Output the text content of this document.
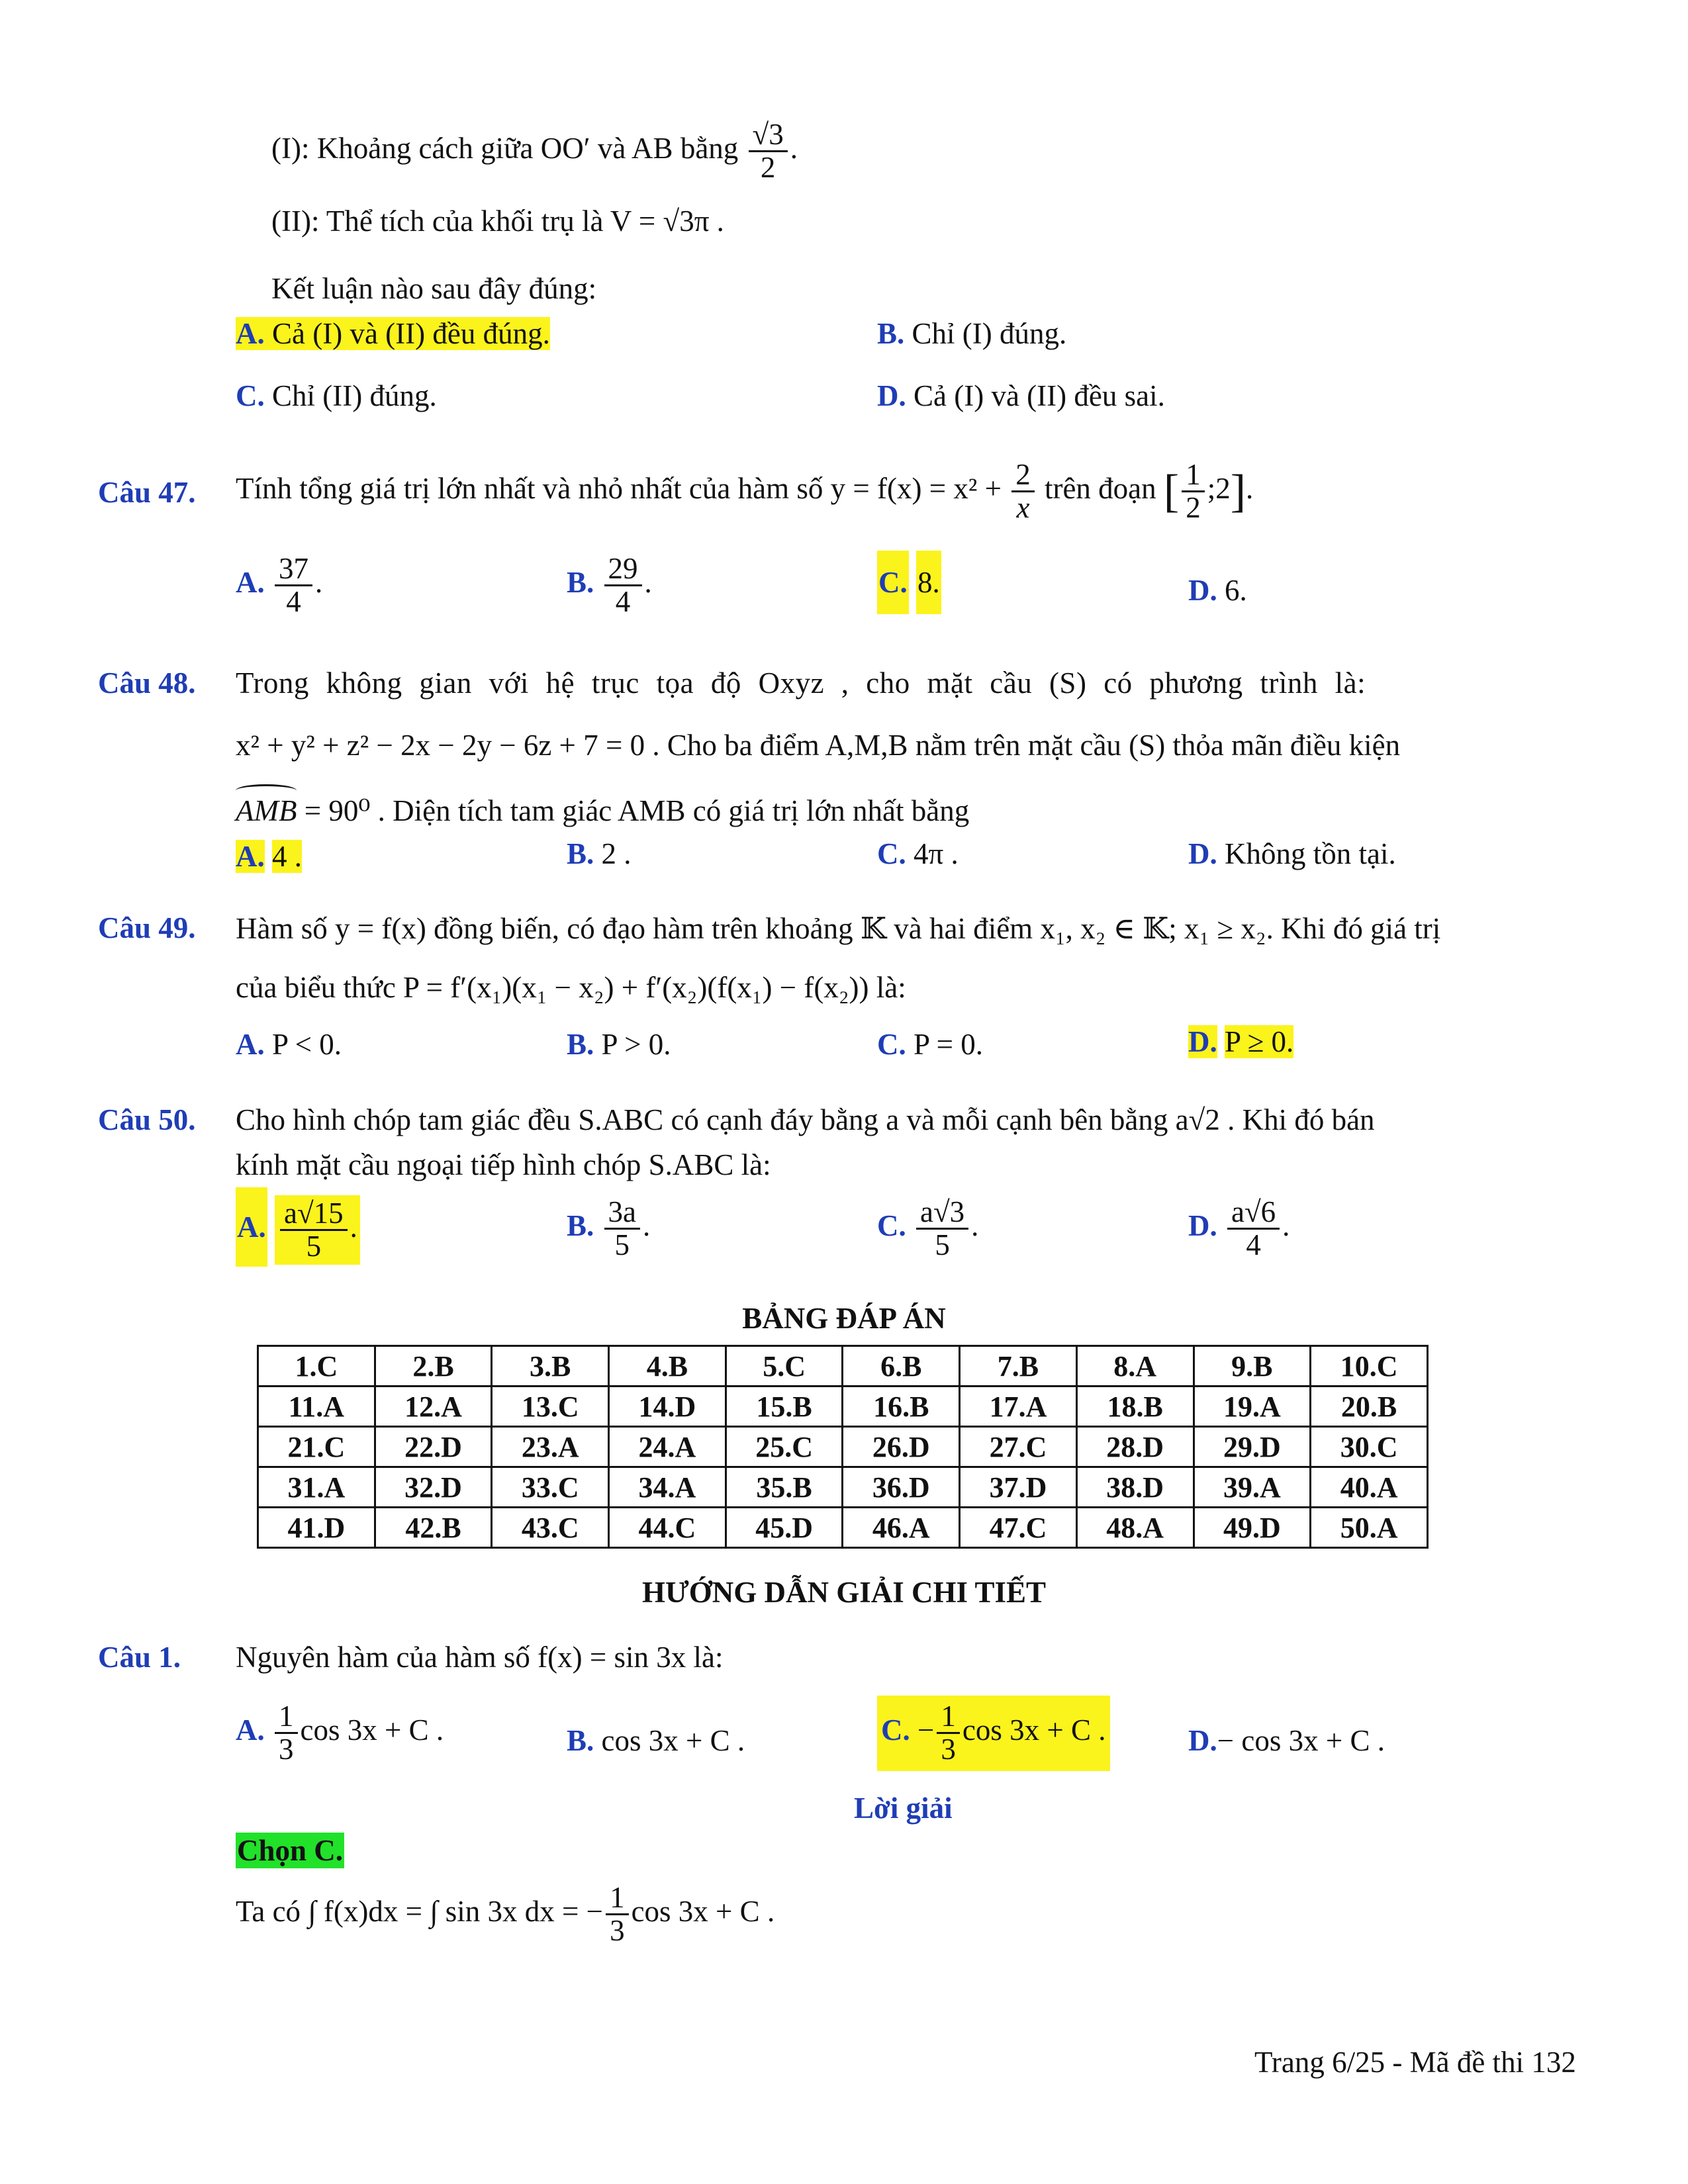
(I): Khoảng cách giữa OO′ và AB bằng $\frac{√3}{2}$ .
(II): Thể tích của khối trụ là V = √3π .
Kết luận nào sau đây đúng:
A. Cả (I) và (II) đều đúng.	B. Chỉ (I) đúng.
C. Chỉ (II) đúng.	D. Cả (I) và (II) đều sai.
Câu 47. Tính tổng giá trị lớn nhất và nhỏ nhất của hàm số $y = f(x) = x^2 + \frac{2}{x}$ trên đoạn [ $\frac{1}{2}$ ;2].
A. $\frac{37}{4}$ .	B. $\frac{29}{4}$ .	C. 8.	D. 6.
Câu 48. Trong không gian với hệ trục tọa độ Oxyz , cho mặt cầu (S) có phương trình là:
x² + y² + z² − 2x − 2y − 6z + 7 = 0 . Cho ba điểm A,M,B nằm trên mặt cầu (S) thỏa mãn điều kiện
AMB = 90⁰ . Diện tích tam giác AMB có giá trị lớn nhất bằng
A. 4 .	B. 2 .	C. 4π .	D. Không tồn tại.
Câu 49. Hàm số y = f(x) đồng biến, có đạo hàm trên khoảng 𝕂 và hai điểm x₁, x₂ ∈ 𝕂; x₁ ≥ x₂. Khi đó giá trị
của biểu thức P = f′(x₁)(x₁ − x₂) + f′(x₂)(f(x₁) − f(x₂)) là:
A. P < 0.	B. P > 0.	C. P = 0.	D. P ≥ 0.
Câu 50. Cho hình chóp tam giác đều S.ABC có cạnh đáy bằng a và mỗi cạnh bên bằng a√2 . Khi đó bán
kính mặt cầu ngoại tiếp hình chóp S.ABC là:
A. $\frac{a√15}{5}$ .	B. $\frac{3a}{5}$ .	C. $\frac{a√3}{5}$ .	D. $\frac{a√6}{4}$ .
BẢNG ĐÁP ÁN
1.C	2.B	3.B	4.B	5.C	6.B	7.B	8.A	9.B	10.C
11.A	12.A	13.C	14.D	15.B	16.B	17.A	18.B	19.A	20.B
21.C	22.D	23.A	24.A	25.C	26.D	27.C	28.D	29.D	30.C
31.A	32.D	33.C	34.A	35.B	36.D	37.D	38.D	39.A	40.A
41.D	42.B	43.C	44.C	45.D	46.A	47.C	48.A	49.D	50.A
HƯỚNG DẪN GIẢI CHI TIẾT
Câu 1. Nguyên hàm của hàm số f(x) = sin 3x là:
A. $\frac{1}{3}$ cos 3x + C .	B. cos 3x + C .	C. − $\frac{1}{3}$ cos 3x + C .	D.− cos 3x + C .
Lời giải
Chọn C.
Ta có ∫ f(x)dx = ∫ sin 3x dx = − $\frac{1}{3}$ cos 3x + C .
Trang 6/25 - Mã đề thi 132
